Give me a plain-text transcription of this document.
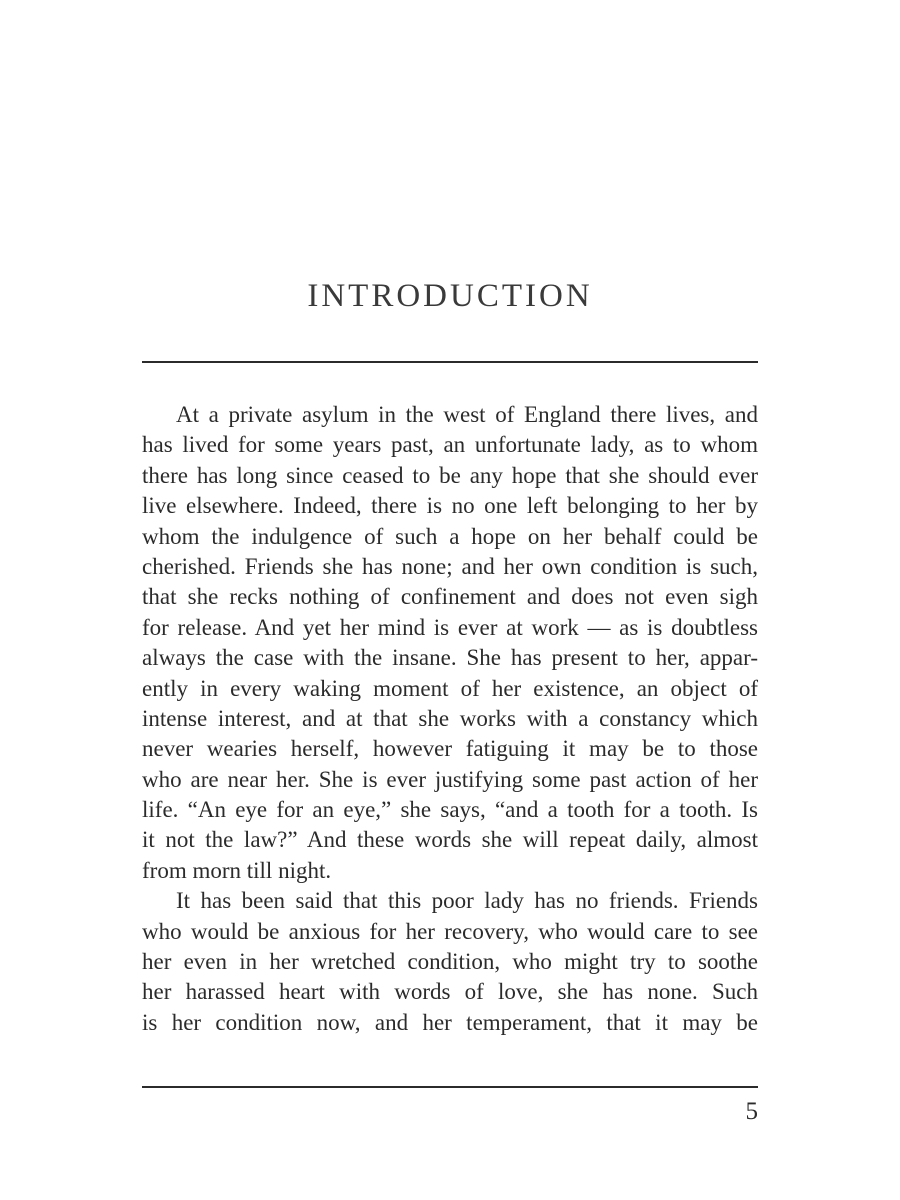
INTRODUCTION
At a private asylum in the west of England there lives, and
has lived for some years past, an unfortunate lady, as to whom
there has long since ceased to be any hope that she should ever
live elsewhere. Indeed, there is no one left belonging to her by
whom the indulgence of such a hope on her behalf could be
cherished. Friends she has none; and her own condition is such,
that she recks nothing of confinement and does not even sigh
for release. And yet her mind is ever at work — as is doubtless
always the case with the insane. She has present to her, appar-
ently in every waking moment of her existence, an object of
intense interest, and at that she works with a constancy which
never wearies herself, however fatiguing it may be to those
who are near her. She is ever justifying some past action of her
life. “An eye for an eye,” she says, “and a tooth for a tooth. Is
it not the law?” And these words she will repeat daily, almost
from morn till night.
It has been said that this poor lady has no friends. Friends
who would be anxious for her recovery, who would care to see
her even in her wretched condition, who might try to soothe
her harassed heart with words of love, she has none. Such
is her condition now, and her temperament, that it may be
5
